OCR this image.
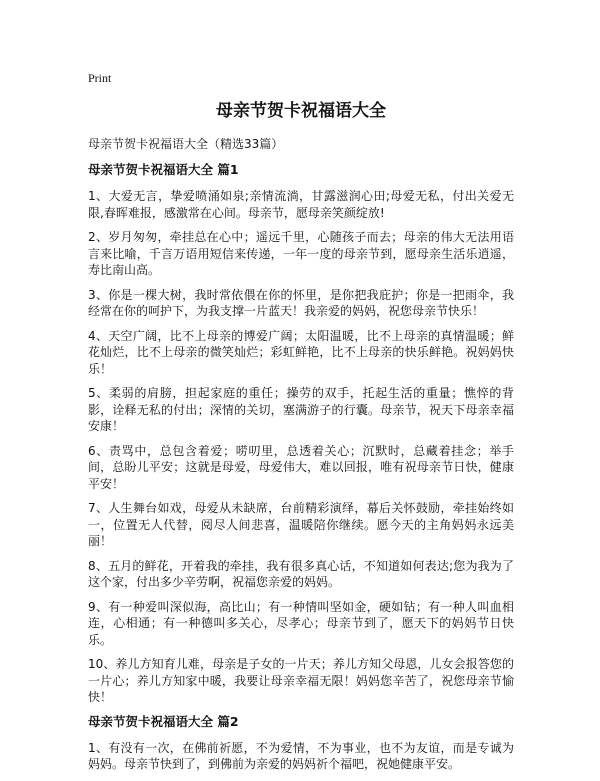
Print
母亲节贺卡祝福语大全
母亲节贺卡祝福语大全（精选33篇）
母亲节贺卡祝福语大全 篇1

1、大爱无言，挚爱喷涌如泉;亲情流淌，甘露滋润心田;母爱无私，付出关爱无限,春晖难报，感激常在心间。母亲节，愿母亲笑颜绽放!

2、岁月匆匆，牵挂总在心中；遥远千里，心随孩子而去；母亲的伟大无法用语言来比喻，千言万语用短信来传递，一年一度的母亲节到，愿母亲生活乐逍遥，寿比南山高。

3、你是一棵大树，我时常依偎在你的怀里，是你把我庇护；你是一把雨伞，我经常在你的呵护下，为我支撑一片蓝天！我亲爱的妈妈，祝您母亲节快乐！

4、天空广阔，比不上母亲的博爱广阔；太阳温暖，比不上母亲的真情温暖；鲜花灿烂，比不上母亲的微笑灿烂；彩虹鲜艳，比不上母亲的快乐鲜艳。祝妈妈快乐！

5、柔弱的肩膀，担起家庭的重任；操劳的双手，托起生活的重量；憔悴的背影，诠释无私的付出；深情的关切，塞满游子的行囊。母亲节，祝天下母亲幸福安康！

6、责骂中，总包含着爱；唠叨里，总透着关心；沉默时，总藏着挂念；举手间，总盼儿平安；这就是母爱，母爱伟大，难以回报，唯有祝母亲节日快，健康平安！

7、人生舞台如戏，母爱从未缺席，台前精彩演绎，幕后关怀鼓励，牵挂始终如一，位置无人代替，阅尽人间悲喜，温暖陪你继续。愿今天的主角妈妈永远美丽！

8、五月的鲜花，开着我的牵挂，我有很多真心话，不知道如何表达;您为我为了这个家，付出多少辛劳啊，祝福您亲爱的妈妈。

9、有一种爱叫深似海，高比山；有一种情叫坚如金，硬如钻；有一种人叫血相连，心相通；有一种德叫多关心，尽孝心；母亲节到了，愿天下的妈妈节日快乐。

10、养儿方知育儿难，母亲是子女的一片天；养儿方知父母恩，儿女会报答您的一片心；养儿方知家中暖，我要让母亲幸福无限！妈妈您辛苦了，祝您母亲节愉快！

母亲节贺卡祝福语大全 篇2

1、有没有一次，在佛前祈愿，不为爱情，不为事业，也不为友谊，而是专诚为妈妈。母亲节快到了，到佛前为亲爱的妈妈祈个福吧，祝她健康平安。
